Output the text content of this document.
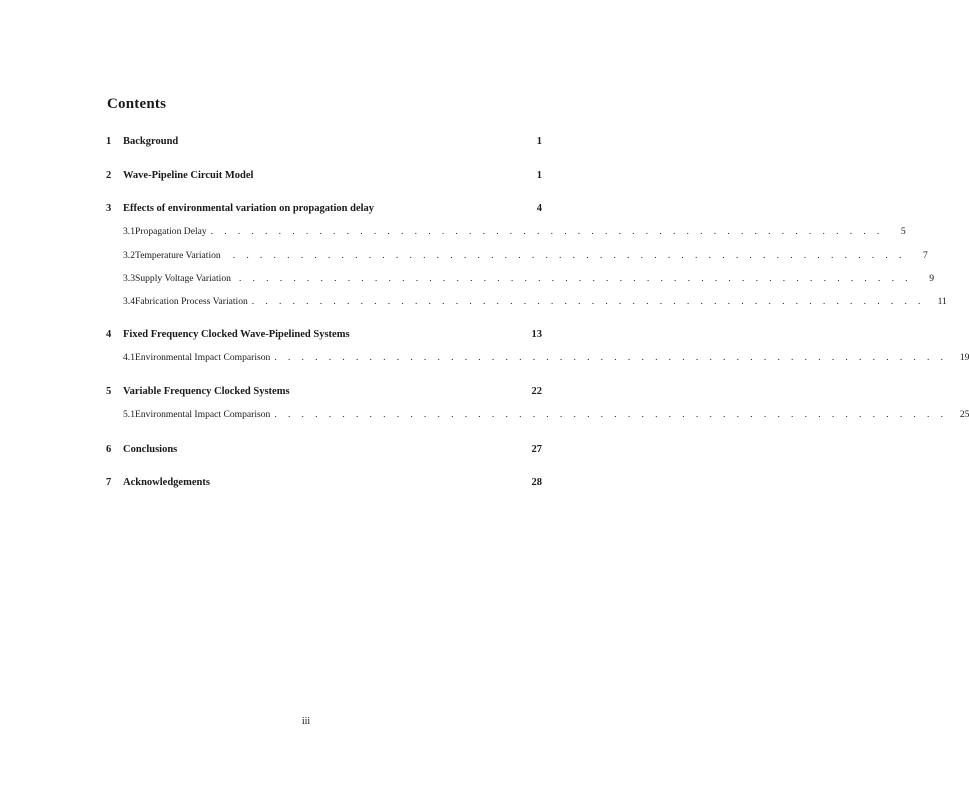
Contents
1	Background	1
2	Wave-Pipeline Circuit Model	1
3	Effects of environmental variation on propagation delay	4
3.1 Propagation Delay . . . . . . . . . . . . . . . . . . . . . . . . . . . . . . . . . . . . . . . . . . . . . . . . . .	5
3.2 Temperature Variation . . . . . . . . . . . . . . . . . . . . . . . . . . . . . . . . . . . . . . . . . . . . . . . . . .	7
3.3 Supply Voltage Variation . . . . . . . . . . . . . . . . . . . . . . . . . . . . . . . . . . . . . . . . . . . . . . . . . .	9
3.4 Fabrication Process Variation . . . . . . . . . . . . . . . . . . . . . . . . . . . . . . . . . . . . . . . . . . . . . . . . . .	11
4	Fixed Frequency Clocked Wave-Pipelined Systems	13
4.1 Environmental Impact Comparison . . . . . . . . . . . . . . . . . . . . . . . . . . . . . . . . . . . . . . . . . . . . . . . . . .	19
5	Variable Frequency Clocked Systems	22
5.1 Environmental Impact Comparison . . . . . . . . . . . . . . . . . . . . . . . . . . . . . . . . . . . . . . . . . . . . . . . . . .	25
6	Conclusions	27
7	Acknowledgements	28
iii
